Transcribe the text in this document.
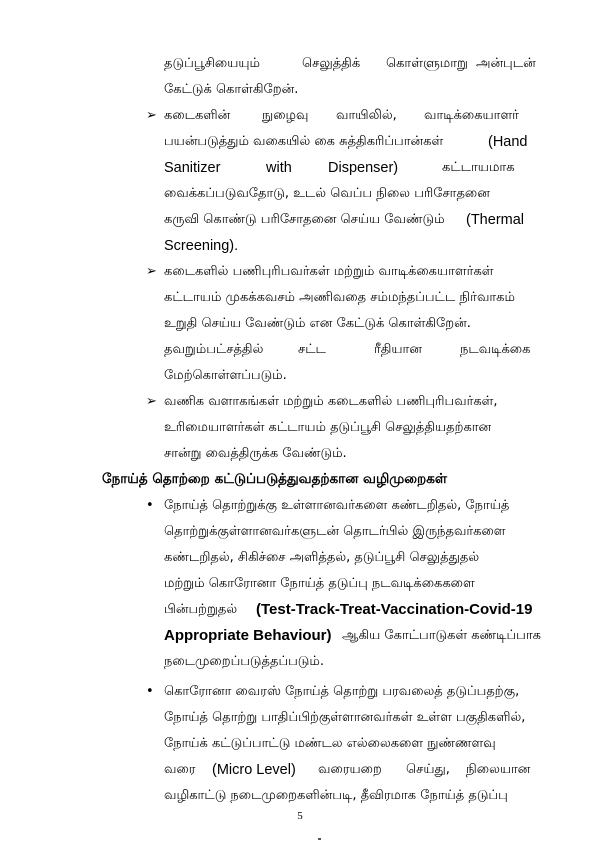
தடுப்பூசியையும்	செலுத்திக் கொள்ளுமாறு அன்புடன்
கேட்டுக் கொள்கிறேன்.
➢ கடைகளின் நுழைவு வாயிலில், வாடிக்கையாளர்
பயன்படுத்தும் வகையில் கை சுத்திகரிப்பான்கள்	(Hand
Sanitizer	with Dispenser)	கட்டாயமாக
வைக்கப்படுவதோடு, உடல் வெப்ப நிலை பரிசோதனை
கருவி கொண்டு பரிசோதனை செய்ய வேண்டும் (Thermal
Screening).
➢ கடைகளில் பணிபுரிபவர்கள் மற்றும் வாடிக்கையாளர்கள்
கட்டாயம் முகக்கவசம் அணிவதை சம்மந்தப்பட்ட நிர்வாகம்
உறுதி செய்ய வேண்டும் என கேட்டுக் கொள்கிறேன்.
தவறும்பட்சத்தில்	சட்ட	ரீதியான	நடவடிக்கை
மேற்கொள்ளப்படும்.
➢ வணிக வளாகங்கள் மற்றும் கடைகளில் பணிபுரிபவர்கள்,
உரிமையாளர்கள் கட்டாயம் தடுப்பூசி செலுத்தியதற்கான
சான்று வைத்திருக்க வேண்டும்.
நோய்த் தொற்றை கட்டுப்படுத்துவதற்கான வழிமுறைகள்
• நோய்த் தொற்றுக்கு உள்ளானவர்களை கண்டறிதல், நோய்த்
தொற்றுக்குள்ளானவர்களுடன் தொடர்பில் இருந்தவர்களை
கண்டறிதல், சிகிச்சை அளித்தல், தடுப்பூசி செலுத்துதல்
மற்றும் கொரோனா நோய்த் தடுப்பு நடவடிக்கைகளை
பின்பற்றுதல் (Test-Track-Treat-Vaccination-Covid-19
Appropriate Behaviour) ஆகிய கோட்பாடுகள் கண்டிப்பாக
நடைமுறைப்படுத்தப்படும்.
• கொரோனா வைரஸ் நோய்த் தொற்று பரவலைத் தடுப்பதற்கு,
நோய்த் தொற்று பாதிப்பிற்குள்ளானவர்கள் உள்ள பகுதிகளில்,
நோய்க் கட்டுப்பாட்டு மண்டல எல்லைகளை நுண்ணளவு
வரை (Micro Level) வரையறை செய்து, நிலையான
வழிகாட்டு நடைமுறைகளின்படி, தீவிரமாக நோய்த் தடுப்பு
5
